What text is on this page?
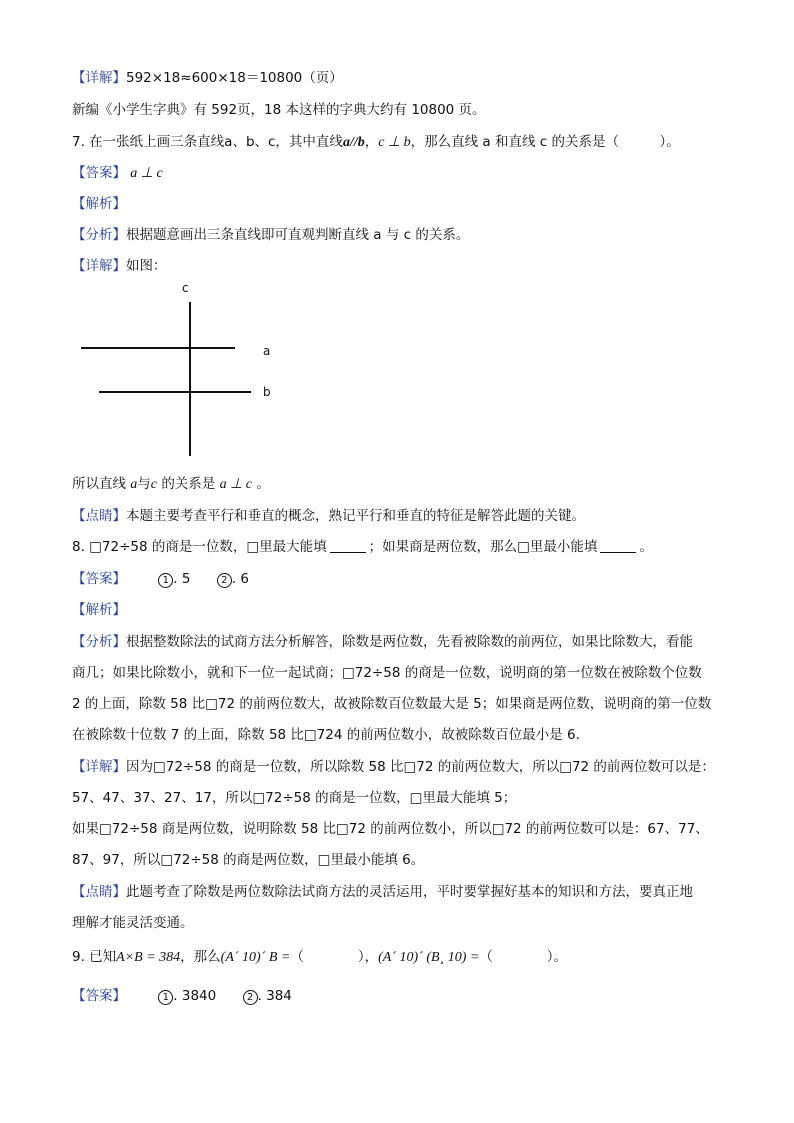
【详解】592×18≈600×18＝10800（页）
新编《小学生字典》有 592页，18 本这样的字典大约有 10800 页。
7. 在一张纸上画三条直线a、b、c，其中直线a//b，c ⊥ b，那么直线 a 和直线 c 的关系是（　　　）。
【答案】 a ⊥ c
【解析】
【分析】根据题意画出三条直线即可直观判断直线 a 与 c 的关系。
【详解】如图：
c
a
b
所以直线 a与c 的关系是 a ⊥ c 。
【点睛】本题主要考查平行和垂直的概念，熟记平行和垂直的特征是解答此题的关键。
8. □72÷58 的商是一位数，□里最大能填	；如果商是两位数，那么□里最小能填	。
【答案】	1 . 5	2 . 6
【解析】
【分析】根据整数除法的试商方法分析解答，除数是两位数，先看被除数的前两位，如果比除数大，看能
商几；如果比除数小，就和下一位一起试商；□72÷58 的商是一位数，说明商的第一位数在被除数个位数
2 的上面，除数 58 比□72 的前两位数大，故被除数百位数最大是 5；如果商是两位数，说明商的第一位数
在被除数十位数 7 的上面，除数 58 比□724 的前两位数小，故被除数百位最小是 6.
【详解】因为□72÷58 的商是一位数，所以除数 58 比□72 的前两位数大，所以□72 的前两位数可以是：
57、47、37、27、17，所以□72÷58 的商是一位数，□里最大能填 5；
如果□72÷58 商是两位数，说明除数 58 比□72 的前两位数小，所以□72 的前两位数可以是：67、77、
87、97，所以□72÷58 的商是两位数，□里最小能填 6。
【点睛】此题考查了除数是两位数除法试商方法的灵活运用，平时要掌握好基本的知识和方法，要真正地
理解才能灵活变通。
9. 已知A×B = 384，那么(A´ 10)´ B =（　　　　），(A´ 10)´ (B¸ 10) =（　　　　）。
【答案】	1 . 3840	2 . 384
